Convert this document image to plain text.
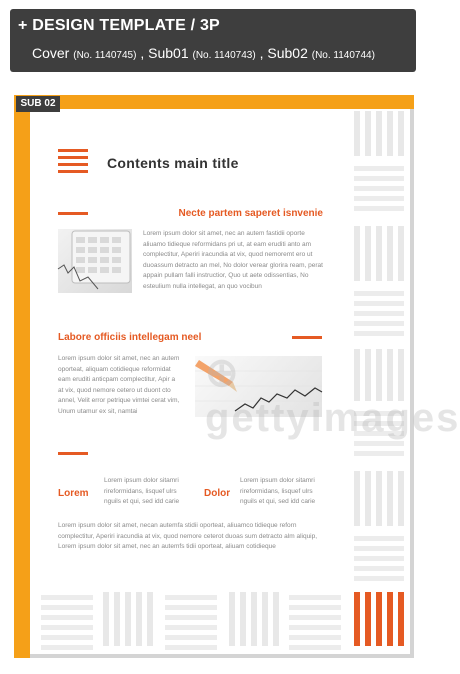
+ DESIGN TEMPLATE / 3P
Cover (No. 1140745) , Sub01 (No. 1140743) , Sub02 (No. 1140744)
SUB 02
Contents main title
Necte partem saperet isnvenie
Lorem ipsum dolor sit amet, nec an autem fastidii oporte aliuamo tidieque reformidans pri ut, at eam eruditi anto am complectitur, Aperiri iracundia at vix, quod nemoremt ero ut duoassum detracto an mel, No dolor verear glorira ream, perat appain pullam falli instructior, Quo ut aete odissentias, No esteulium nulla intellegat, an quo vocibun
Labore officiis intellegam neel
Lorem ipsum dolor sit amet, nec an autem oporteat, aliquam cotidieque reformidat eam eruditi anticpam complectitur, Apir a at vix, quod nemore cetero ut duont cto annel, Velit error petrique vimtei cerat vim, Unum utamur ex sit, namtai
⊕ gettyimages
Lorem
Lorem ipsum dolor sitamri rireformidans, lisquef ulrs nguils et qui, sed idd carie
Dolor
Lorem ipsum dolor sitamri rireformidans, lisquef ulrs nguils et qui, sed idd carie
Lorem ipsum dolor sit amet, necan autemfa stidii oporteat, aliuamco tidieque reforn complectitur, Aperiri iracundia at vix, quod nemore ceterot duoas sum detracto alm aliquip, Lorem ipsum dolor sit amet, nec an autemfs tidii oporteat, aliuam cotidieque
